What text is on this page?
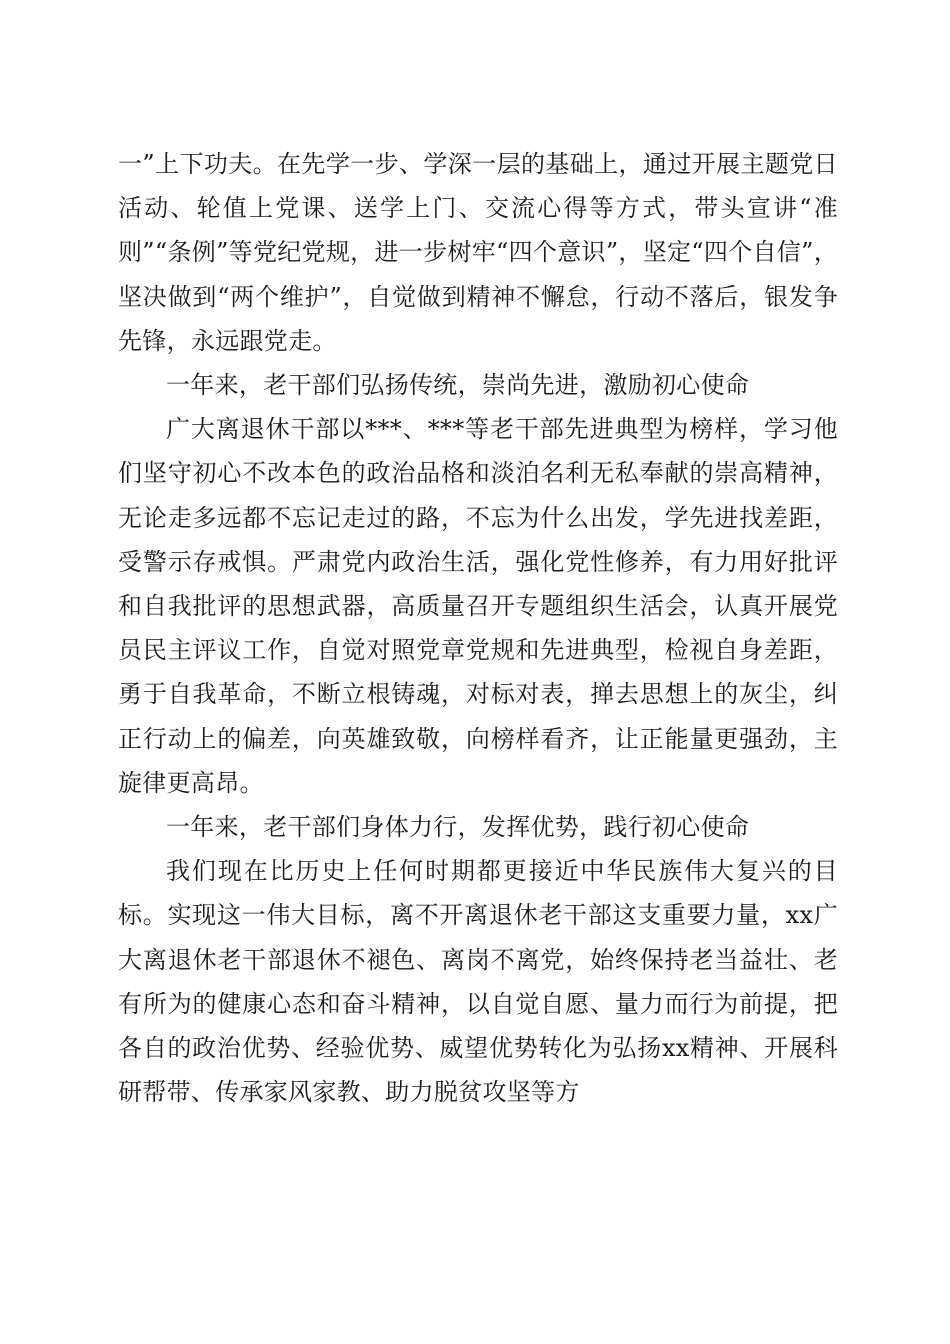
一”上下功夫。在先学一步、学深一层的基础上，通过开展主题党日活动、轮值上党课、送学上门、交流心得等方式，带头宣讲“准则”“条例”等党纪党规，进一步树牢“四个意识”，坚定“四个自信”，坚决做到“两个维护”，自觉做到精神不懈怠，行动不落后，银发争先锋，永远跟党走。

一年来，老干部们弘扬传统，崇尚先进，激励初心使命

广大离退休干部以***、***等老干部先进典型为榜样，学习他们坚守初心不改本色的政治品格和淡泊名利无私奉献的崇高精神，无论走多远都不忘记走过的路，不忘为什么出发，学先进找差距，受警示存戒惧。严肃党内政治生活，强化党性修养，有力用好批评和自我批评的思想武器，高质量召开专题组织生活会，认真开展党员民主评议工作，自觉对照党章党规和先进典型，检视自身差距，勇于自我革命，不断立根铸魂，对标对表，掸去思想上的灰尘，纠正行动上的偏差，向英雄致敬，向榜样看齐，让正能量更强劲，主旋律更高昂。

一年来，老干部们身体力行，发挥优势，践行初心使命

我们现在比历史上任何时期都更接近中华民族伟大复兴的目标。实现这一伟大目标，离不开离退休老干部这支重要力量，xx广大离退休老干部退休不褪色、离岗不离党，始终保持老当益壮、老有所为的健康心态和奋斗精神，以自觉自愿、量力而行为前提，把各自的政治优势、经验优势、威望优势转化为弘扬xx精神、开展科研帮带、传承家风家教、助力脱贫攻坚等方
